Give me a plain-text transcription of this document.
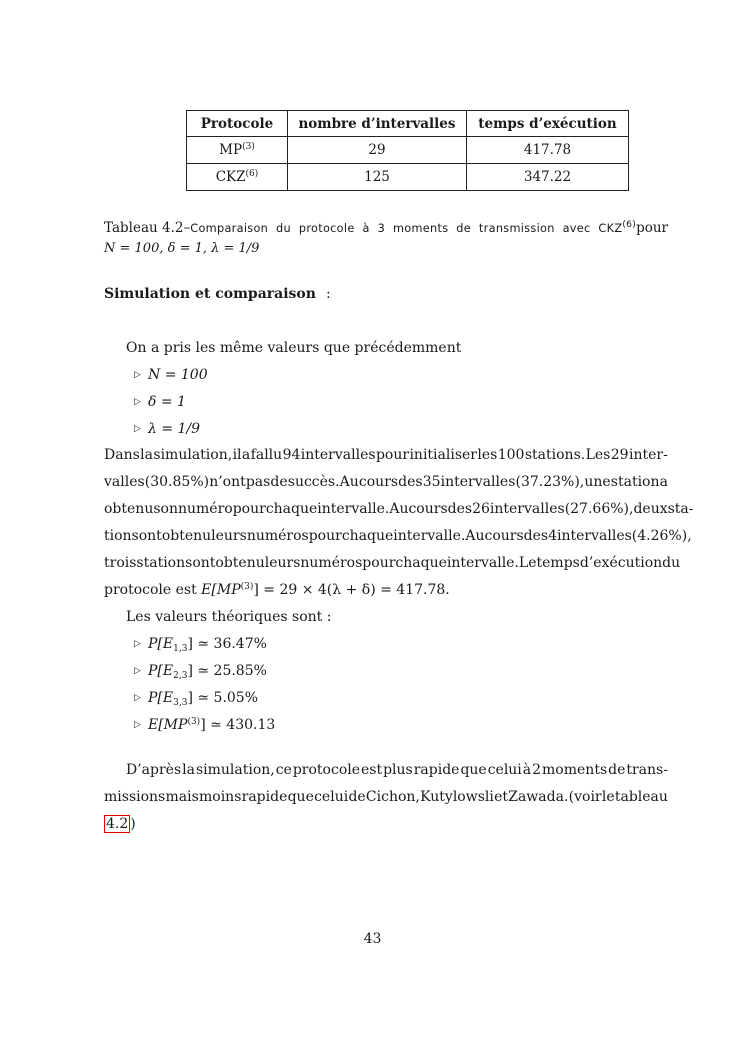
Protocole	nombre d’intervalles	temps d’exécution
MP$^{(3)}$	29	417.78
CKZ$^{(6)}$	125	347.22
Tableau 4.2 – Comparaison du protocole à 3 moments de transmission avec CKZ$^{(6)}$ pour
N = 100, δ = 1, λ = 1/9
Simulation et comparaison :
On a pris les même valeurs que précédemment
▷ N = 100
▷ δ = 1
▷ λ = 1/9
Dans la simulation, il a fallu 94 intervalles pour initialiser les 100 stations. Les 29 inter-
valles (30.85%) n’ont pas de succès. Au cours des 35 intervalles (37.23%), une station a
obtenu son numéro pour chaque intervalle. Au cours des 26 intervalles (27.66%), deux sta-
tions ont obtenu leurs numéros pour chaque intervalle. Au cours des 4 intervalles (4.26%),
trois stations ont obtenu leurs numéros pour chaque intervalle. Le temps d’exécution du
protocole est $E[MP^{(3)}] = 29 \times 4(\lambda + \delta) = 417.78$.
Les valeurs théoriques sont :
▷ $P[E_{1,3}]$ ≃ 36.47%
▷ $P[E_{2,3}]$ ≃ 25.85%
▷ $P[E_{3,3}]$ ≃ 5.05%
▷ E[MP$^{(3)}$] ≃ 430.13
D’après la simulation, ce protocole est plus rapide que celui à 2 moments de trans-
missions mais moins rapide que celui de Cichon, Kutylowsli et Zawada. (voir le tableau
4.2 )
43
